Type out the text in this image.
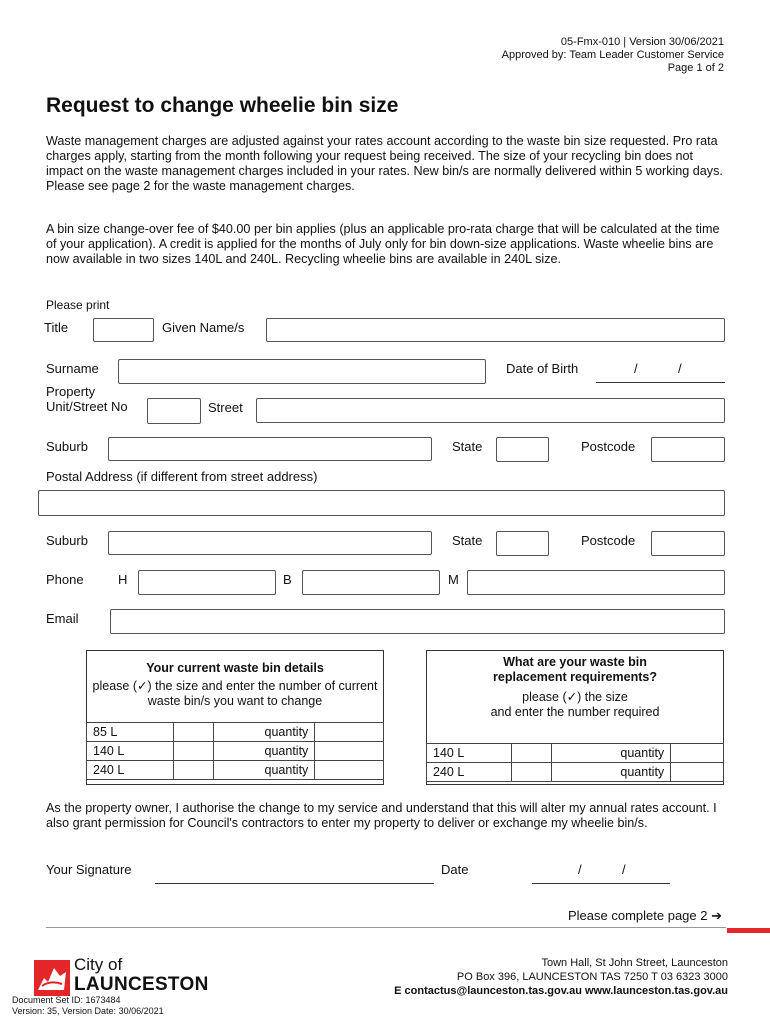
05-Fmx-010 | Version 30/06/2021
Approved by: Team Leader Customer Service
Page 1 of 2
Request to change wheelie bin size

Waste management charges are adjusted against your rates account according to the waste bin size requested. Pro rata charges apply, starting from the month following your request being received. The size of your recycling bin does not impact on the waste management charges included in your rates. New bin/s are normally delivered within 5 working days. Please see page 2 for the waste management charges.

A bin size change-over fee of $40.00 per bin applies (plus an applicable pro-rata charge that will be calculated at the time of your application). A credit is applied for the months of July only for bin down-size applications. Waste wheelie bins are now available in two sizes 140L and 240L. Recycling wheelie bins are available in 240L size.

Please print
Title	Given Name/s
Surname	Date of Birth	/	/
Property
Unit/Street No	Street
Suburb	State	Postcode
Postal Address (if different from street address)
Suburb	State	Postcode
Phone	H	B	M
Email
Your current waste bin details
please (✓) the size and enter the number of current waste bin/s you want to change
85 L		quantity	
140 L		quantity	
240 L		quantity	
What are your waste bin
replacement requirements?
please (✓) the size
and enter the number required
140 L		quantity	
240 L		quantity	

As the property owner, I authorise the change to my service and understand that this will alter my annual rates account. I also grant permission for Council's contractors to enter my property to deliver or exchange my wheelie bin/s.

Your Signature	Date	/	/
Please complete page 2 ➔
City of
LAUNCESTON
Town Hall, St John Street, Launceston
PO Box 396, LAUNCESTON TAS 7250 T 03 6323 3000
E contactus@launceston.tas.gov.au www.launceston.tas.gov.au
Document Set ID: 1673484
Version: 35, Version Date: 30/06/2021
